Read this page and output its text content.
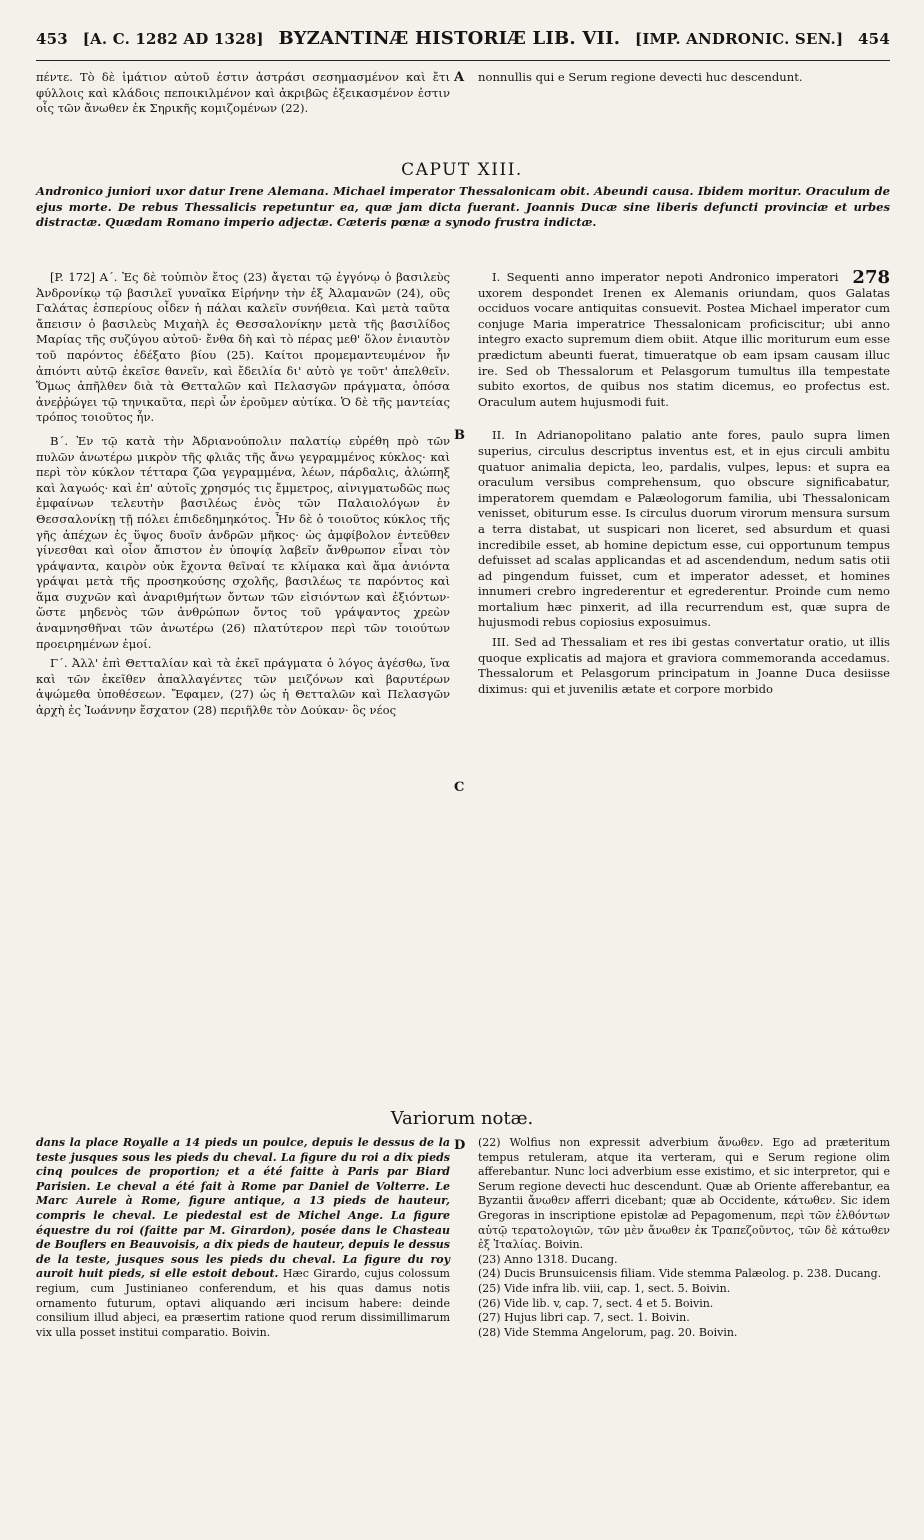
453 [A. C. 1282 AD 1328] BYZANTINÆ HISTORIÆ LIB. VII. [IMP. ANDRONIC. SEN.] 454
πέντε. Τὸ δὲ ἱμάτιον αὐτοῦ ἐστιν ἀστράσι σεσημασμένον καὶ ἔτι φύλλοις καὶ κλάδοις πεποικιλμένον καὶ ἀκριβῶς ἐξεικασμένον ἐστιν οἷς τῶν ἄνωθεν ἐκ Σηρικῆς κομιζομένων (22).
nonnullis qui e Serum regione devecti huc descendunt.
CAPUT XIII.
Andronico juniori uxor datur Irene Alemana. Michael imperator Thessalonicam obit. Abeundi causa. Ibidem moritur. Oraculum de ejus morte. De rebus Thessalicis repetuntur ea, quæ jam dicta fuerant. Joannis Ducæ sine liberis defuncti provinciæ et urbes distractæ. Quædam Romano imperio adjectæ. Cæteris pœnæ a synodo frustra indictæ.

[P. 172] Α΄. Ἐς δὲ τοὐπιὸν ἔτος (23) ἄγεται τῷ ἐγγόνῳ ὁ βασιλεὺς Ἀνδρονίκῳ τῷ βασιλεῖ γυναῖκα Εἰρήνην τὴν ἐξ Ἀλαμανῶν (24), οὓς Γαλάτας ἑσπερίους οἶδεν ἡ πάλαι καλεῖν συνήθεια. Καὶ μετὰ ταῦτα ἄπεισιν ὁ βασιλεὺς Μιχαὴλ ἐς Θεσσαλονίκην μετὰ τῆς βασιλίδος Μαρίας τῆς συζύγου αὐτοῦ· ἔνθα δὴ καὶ τὸ πέρας μεθ' ὅλον ἐνιαυτὸν τοῦ παρόντος ἐδέξατο βίου (25). Καίτοι προμεμαντευμένον ἦν ἀπιόντι αὐτῷ ἐκεῖσε θανεῖν, καὶ ἔδειλία δι' αὐτὸ γε τοῦτ' ἀπελθεῖν. Ὅμως ἀπῆλθεν διὰ τὰ Θετταλῶν καὶ Πελασγῶν πράγματα, ὁπόσα ἀνεῤῥώγει τῷ τηνικαῦτα, περὶ ὧν ἐροῦμεν αὐτίκα. Ὁ δὲ τῆς μαντείας τρόπος τοιοῦτος ἦν.

Β΄. Ἐν τῷ κατὰ τὴν Ἀδριανούπολιν παλατίῳ εὑρέθη πρὸ τῶν πυλῶν ἀνωτέρω μικρὸν τῆς φλιᾶς τῆς ἄνω γεγραμμένος κύκλος· καὶ περὶ τὸν κύκλον τέτταρα ζῶα γεγραμμένα, λέων, πάρδαλις, ἀλώπηξ καὶ λαγωός· καὶ ἐπ' αὐτοῖς χρησμός τις ἔμμετρος, αἰνιγματωδῶς πως ἐμφαίνων τελευτὴν βασιλέως ἑνὸς τῶν Παλαιολόγων ἐν Θεσσαλονίκῃ τῇ πόλει ἐπιδεδημηκότος. Ἦν δὲ ὁ τοιοῦτος κύκλος τῆς γῆς ἀπέχων ἐς ὕψος δυοῖν ἀνδρῶν μῆκος· ὡς ἀμφίβολον ἐντεῦθεν γίνεσθαι καὶ οἷον ἄπιστον ἐν ὑποψίᾳ λαβεῖν ἄνθρωπον εἶναι τὸν γράψαντα, καιρὸν οὐκ ἔχοντα θεῖναί τε κλίμακα καὶ ἅμα ἀνιόντα γράψαι μετὰ τῆς προσηκούσης σχολῆς, βασιλέως τε παρόντος καὶ ἅμα συχνῶν καὶ ἀναριθμήτων ὄντων τῶν εἰσιόντων καὶ ἐξιόντων· ὥστε μηδενὸς τῶν ἀνθρώπων ὄντος τοῦ γράψαντος χρεὼν ἀναμνησθῆναι τῶν ἀνωτέρω (26) πλατύτερον περὶ τῶν τοιούτων προειρημένων ἐμοί.

Γ΄. Ἀλλ' ἐπὶ Θετταλίαν καὶ τὰ ἐκεῖ πράγματα ὁ λόγος ἀγέσθω, ἵνα καὶ τῶν ἐκεῖθεν ἀπαλλαγέντες τῶν μειζόνων καὶ βαρυτέρων ἁψώμεθα ὑποθέσεων. Ἔφαμεν, (27) ὡς ἡ Θετταλῶν καὶ Πελασγῶν ἀρχὴ ἐς Ἰωάννην ἔσχατον (28) περιῆλθε τὸν Δούκαν· ὃς νέος

278
I. Sequenti anno imperator nepoti Andronico imperatori uxorem despondet Irenen ex Alemanis oriundam, quos Galatas occiduos vocare antiquitas consuevit. Postea Michael imperator cum conjuge Maria imperatrice Thessalonicam proficiscitur; ubi anno integro exacto supremum diem obiit. Atque illic moriturum eum esse prædictum abeunti fuerat, timueratque ob eam ipsam causam illuc ire. Sed ob Thessalorum et Pelasgorum tumultus illa tempestate subito exortos, de quibus nos statim dicemus, eo profectus est. Oraculum autem hujusmodi fuit.

II. In Adrianopolitano palatio ante fores, paulo supra limen superius, circulus descriptus inventus est, et in ejus circuli ambitu quatuor animalia depicta, leo, pardalis, vulpes, lepus: et supra ea oraculum versibus comprehensum, quo obscure significabatur, imperatorem quemdam e Palæologorum familia, ubi Thessalonicam venisset, obiturum esse. Is circulus duorum virorum mensura sursum a terra distabat, ut suspicari non liceret, sed absurdum et quasi incredibile esset, ab homine depictum esse, cui opportunum tempus defuisset ad scalas applicandas et ad ascendendum, nedum satis otii ad pingendum fuisset, cum et imperator adesset, et homines innumeri crebro ingrederentur et egrederentur. Proinde cum nemo mortalium hæc pinxerit, ad illa recurrendum est, quæ supra de hujusmodi rebus copiosius exposuimus.

III. Sed ad Thessaliam et res ibi gestas convertatur oratio, ut illis quoque explicatis ad majora et graviora commemoranda accedamus. Thessalorum et Pelasgorum principatum in Joanne Duca desiisse diximus: qui et juvenilis ætate et corpore morbido

A
B
C
D
Variorum notæ.
dans la place Royalle a 14 pieds un poulce, depuis le dessus de la teste jusques sous les pieds du cheval. La figure du roi a dix pieds cinq poulces de proportion; et a été faitte à Paris par Biard Parisien. Le cheval a été fait à Rome par Daniel de Volterre. Le Marc Aurele à Rome, figure antique, a 13 pieds de hauteur, compris le cheval. Le piedestal est de Michel Ange. La figure équestre du roi (faitte par M. Girardon), posée dans le Chasteau de Bouflers en Beauvoisis, a dix pieds de hauteur, depuis le dessus de la teste, jusques sous les pieds du cheval. La figure du roy auroit huit pieds, si elle estoit debout. Hæc Girardo, cujus colossum regium, cum Justinianeo conferendum, et his quas damus notis ornamento futurum, optavi aliquando æri incisum habere: deinde consilium illud abjeci, ea præsertim ratione quod rerum dissimillimarum vix ulla posset institui comparatio. Boivin.

(22) Wolfius non expressit adverbium ἄνωθεν. Ego ad præteritum tempus retuleram, atque ita verteram, qui e Serum regione olim afferebantur. Nunc loci adverbium esse existimo, et sic interpretor, qui e Serum regione devecti huc descendunt. Quæ ab Oriente afferebantur, ea Byzantii ἄνωθεν afferri dicebant; quæ ab Occidente, κάτωθεν. Sic idem Gregoras in inscriptione epistolæ ad Pepagomenum, περὶ τῶν ἐλθόντων αὐτῷ τερατολογιῶν, τῶν μὲν ἄνωθεν ἐκ Τραπεζοῦντος, τῶν δὲ κάτωθεν ἐξ Ἰταλίας. Boivin.

(23) Anno 1318. Ducang.

(24) Ducis Brunsuicensis filiam. Vide stemma Palæolog. p. 238. Ducang.

(25) Vide infra lib. viii, cap. 1, sect. 5. Boivin.

(26) Vide lib. v, cap. 7, sect. 4 et 5. Boivin.

(27) Hujus libri cap. 7, sect. 1. Boivin.

(28) Vide Stemma Angelorum, pag. 20. Boivin.
